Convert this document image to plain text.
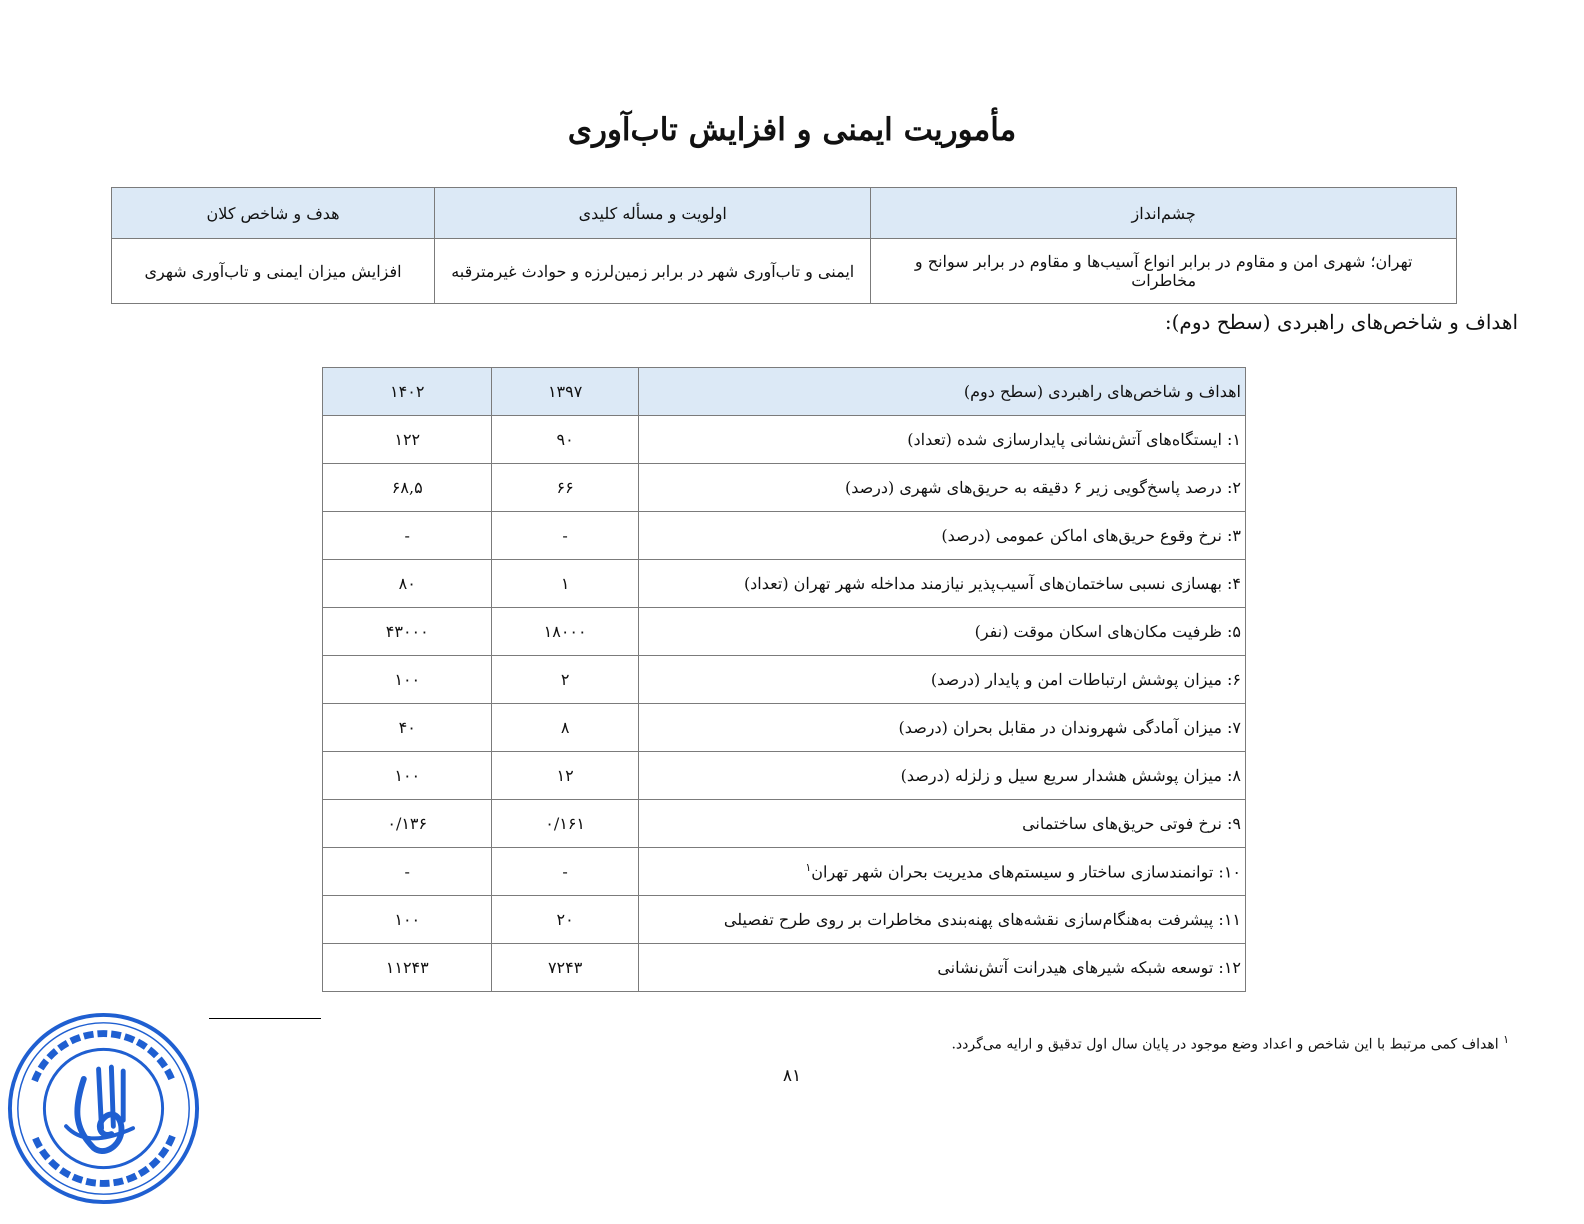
مأموریت ایمنی و افزایش تاب‌آوری
چشم‌انداز	اولویت و مسأله کلیدی	هدف و شاخص کلان
تهران؛ شهری امن و مقاوم در برابر انواع آسیب‌ها و مقاوم در برابر سوانح و مخاطرات	ایمنی و تاب‌آوری شهر در برابر زمین‌لرزه و حوادث غیرمترقبه	افزایش میزان ایمنی و تاب‌آوری شهری
اهداف و شاخص‌های راهبردی (سطح دوم):
اهداف و شاخص‌های راهبردی (سطح دوم)	۱۳۹۷	۱۴۰۲
۱: ایستگاه‌های آتش‌نشانی پایدارسازی شده (تعداد)	۹۰	۱۲۲
۲: درصد پاسخ‌گویی زیر ۶ دقیقه به حریق‌های شهری (درصد)	۶۶	۶۸,۵
۳: نرخ وقوع حریق‌های اماکن عمومی (درصد)	-	-
۴: بهسازی نسبی ساختمان‌های آسیب‌پذیر نیازمند مداخله شهر تهران (تعداد)	۱	۸۰
۵: ظرفیت مکان‌های اسکان موقت (نفر)	۱۸۰۰۰	۴۳۰۰۰
۶: میزان پوشش ارتباطات امن و پایدار (درصد)	۲	۱۰۰
۷: میزان آمادگی شهروندان در مقابل بحران (درصد)	۸	۴۰
۸: میزان پوشش هشدار سریع سیل و زلزله (درصد)	۱۲	۱۰۰
۹: نرخ فوتی حریق‌های ساختمانی	۰/۱۶۱	۰/۱۳۶
۱۰: توانمندسازی ساختار و سیستم‌های مدیریت بحران شهر تهران$^۱$	-	-
۱۱: پیشرفت به‌هنگام‌سازی نقشه‌های پهنه‌بندی مخاطرات بر روی طرح تفصیلی	۲۰	۱۰۰
۱۲: توسعه شبکه شیرهای هیدرانت آتش‌نشانی	۷۲۴۳	۱۱۲۴۳
$^۱$ اهداف کمی مرتبط با این شاخص و اعداد وضع موجود در پایان سال اول تدقیق و ارایه می‌گردد.
۸۱
